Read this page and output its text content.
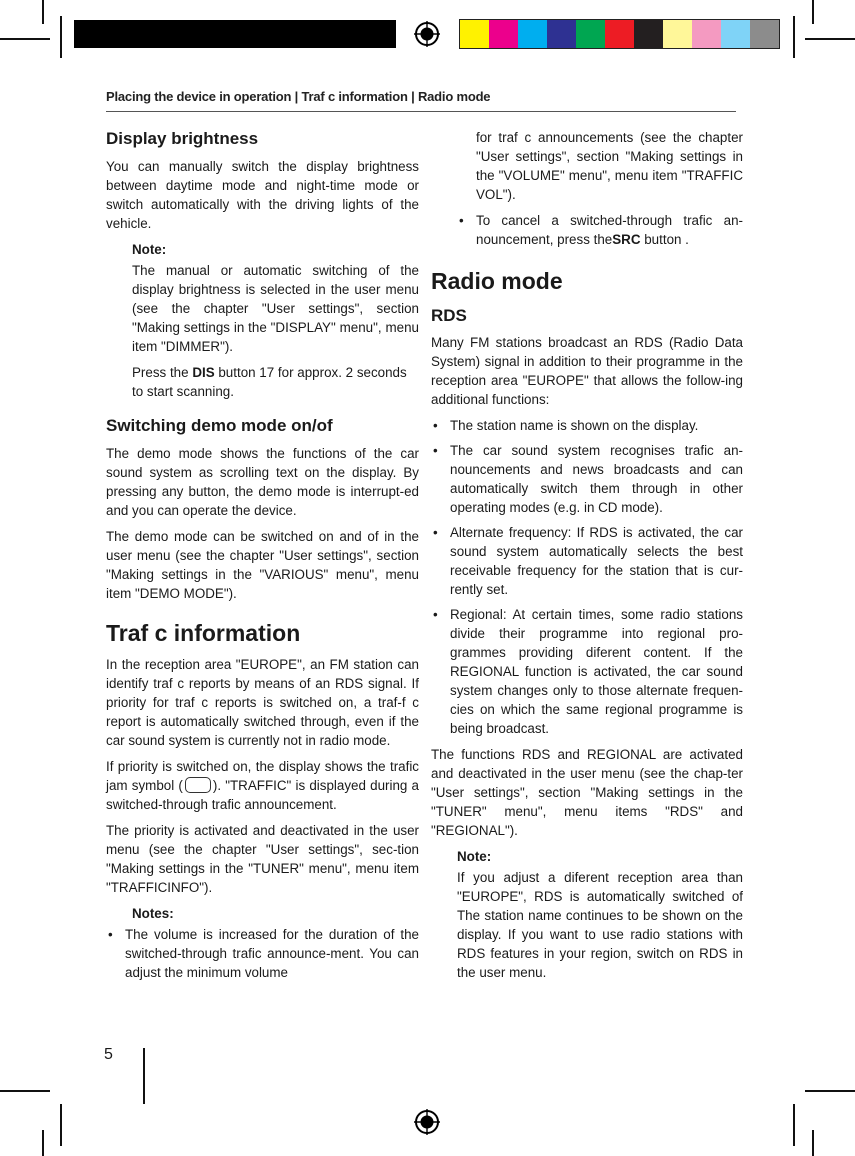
Placing the device in operation | Traf c information | Radio mode
Display brightness

You can manually switch the display brightness between daytime mode and night-time mode or switch automatically with the driving lights of the vehicle.

Note:

The manual or automatic switching of the display brightness is selected in the user menu (see the chapter "User settings", section "Making settings in the "DISPLAY" menu", menu item "DIMMER").

Press the DIS button 17 for approx. 2 seconds to start scanning.

Switching demo mode on/of

The demo mode shows the functions of the car sound system as scrolling text on the display. By pressing any button, the demo mode is interrupt-ed and you can operate the device.

The demo mode can be switched on and of in the user menu (see the chapter "User settings", section "Making settings in the "VARIOUS" menu", menu item "DEMO MODE").

Traf c information

In the reception area "EUROPE", an FM station can identify traf c reports by means of an RDS signal. If priority for traf c reports is switched on, a traf-f c report is automatically switched through, even if the car sound system is currently not in radio mode.

If priority is switched on, the display shows the trafic jam symbol ( ). "TRAFFIC" is displayed during a switched-through trafic announcement.

The priority is activated and deactivated in the user menu (see the chapter "User settings", sec-tion "Making settings in the "TUNER" menu", menu item "TRAFFICINFO").

Notes:
• The volume is increased for the duration of the switched-through trafic announce-ment. You can adjust the minimum volume

for traf c announcements (see the chapter "User settings", section "Making settings in the "VOLUME" menu", menu item "TRAFFIC VOL").

• To cancel a switched-through trafic an-nouncement, press theSRC button .
Radio mode
RDS

Many FM stations broadcast an RDS (Radio Data System) signal in addition to their programme in the reception area "EUROPE" that allows the follow-ing additional functions:

• The station name is shown on the display.
• The car sound system recognises trafic an-nouncements and news broadcasts and can automatically switch them through in other operating modes (e.g. in CD mode).
• Alternate frequency: If RDS is activated, the car sound system automatically selects the best receivable frequency for the station that is cur-rently set.
• Regional: At certain times, some radio stations divide their programme into regional pro-grammes providing diferent content. If the REGIONAL function is activated, the car sound system changes only to those alternate frequen-cies on which the same regional programme is being broadcast.

The functions RDS and REGIONAL are activated and deactivated in the user menu (see the chap-ter "User settings", section "Making settings in the "TUNER" menu", menu items "RDS" and "REGIONAL").

Note:

If you adjust a diferent reception area than "EUROPE", RDS is automatically switched of The station name continues to be shown on the display. If you want to use radio stations with RDS features in your region, switch on RDS in the user menu.

5
